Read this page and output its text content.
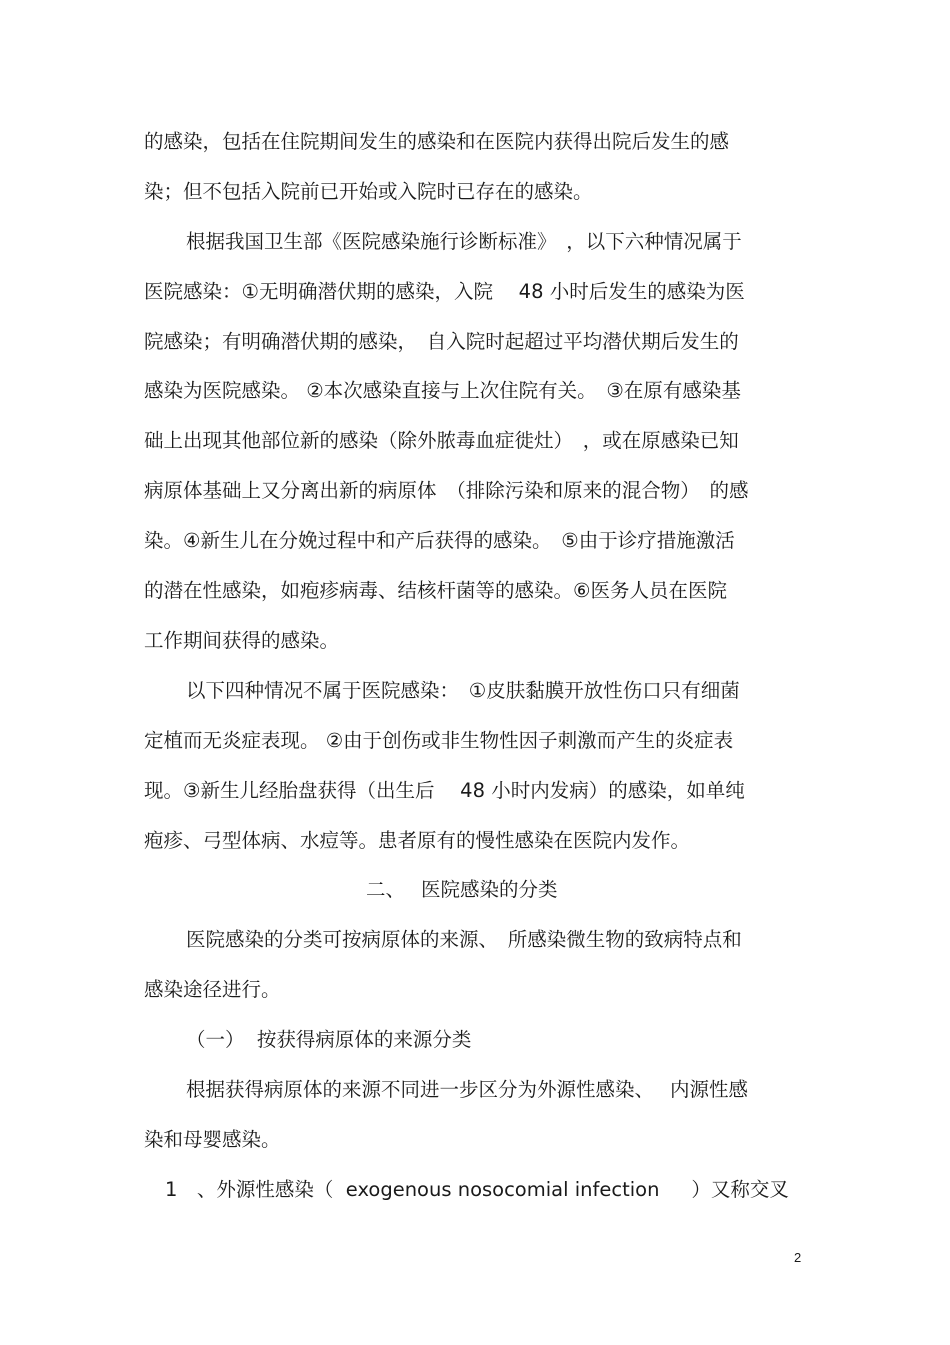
的感染，包括在住院期间发生的感染和在医院内获得出院后发生的感
染；但不包括入院前已开始或入院时已存在的感染。
根据我国卫生部《医院感染施行诊断标准》　，以下六种情况属于
医院感染：①无明确潜伏期的感染，入院　 48 小时后发生的感染为医
院感染；有明确潜伏期的感染，　自入院时起超过平均潜伏期后发生的
感染为医院感染。 ②本次感染直接与上次住院有关。　③在原有感染基
础上出现其他部位新的感染（除外脓毒血症徙灶）　，或在原感染已知
病原体基础上又分离出新的病原体　（排除污染和原来的混合物）　的感
染。④新生儿在分娩过程中和产后获得的感染。　⑤由于诊疗措施激活
的潜在性感染，如疱疹病毒、结核杆菌等的感染。⑥医务人员在医院
工作期间获得的感染。
以下四种情况不属于医院感染：　①皮肤黏膜开放性伤口只有细菌
定植而无炎症表现。 ②由于创伤或非生物性因子刺激而产生的炎症表
现。③新生儿经胎盘获得（出生后　 48 小时内发病）的感染，如单纯
疱疹、弓型体病、水痘等。患者原有的慢性感染在医院内发作。
二、　 医院感染的分类
医院感染的分类可按病原体的来源、　所感染微生物的致病特点和
感染途径进行。
（一）  按获得病原体的来源分类
根据获得病原体的来源不同进一步区分为外源性感染、　 内源性感
染和母婴感染。
1　、外源性感染（  exogenous nosocomial infection　  ）又称交叉
2
